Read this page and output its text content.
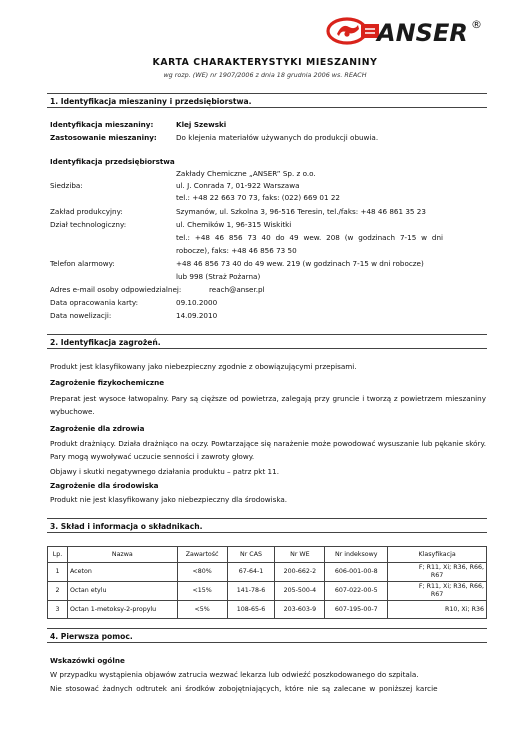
ANSER ®
KARTA CHARAKTERYSTYKI MIESZANINY
wg rozp. (WE) nr 1907/2006 z dnia 18 grudnia 2006 ws. REACH
1. Identyfikacja mieszaniny i przedsiębiorstwa.
Identyfikacja mieszaniny:	Klej Szewski
Zastosowanie mieszaniny:	Do klejenia materiałów używanych do produkcji obuwia.
Identyfikacja przedsiębiorstwa
Zakłady Chemiczne „ANSER” Sp. z o.o.
Siedziba:	ul. J. Conrada 7, 01-922 Warszawa
tel.: +48 22 663 70 73, faks: (022) 669 01 22
Zakład produkcyjny:	Szymanów, ul. Szkolna 3, 96-516 Teresin, tel./faks: +48 46 861 35 23
Dział technologiczny:	ul. Chemików 1, 96-315 Wiskitki
tel.: +48 46 856 73 40 do 49 wew. 208 (w godzinach 7-15 w dni
robocze), faks: +48 46 856 73 50
Telefon alarmowy:	+48 46 856 73 40 do 49 wew. 219 (w godzinach 7-15 w dni robocze)
lub 998 (Straż Pożarna)
Adres e-mail osoby odpowiedzialnej:	reach@anser.pl
Data opracowania karty:	09.10.2000
Data nowelizacji:	14.09.2010
2. Identyfikacja zagrożeń.
Produkt jest klasyfikowany jako niebezpieczny zgodnie z obowiązującymi przepisami.
Zagrożenie fizykochemiczne
Preparat jest wysoce łatwopalny. Pary są cięższe od powietrza, zalegają przy gruncie i tworzą z powietrzem mieszaniny wybuchowe.
Zagrożenie dla zdrowia
Produkt drażniący. Działa drażniąco na oczy. Powtarzające się narażenie może powodować wysuszanie lub pękanie skóry. Pary mogą wywoływać uczucie senności i zawroty głowy.
Objawy i skutki negatywnego działania produktu – patrz pkt 11.
Zagrożenie dla środowiska
Produkt nie jest klasyfikowany jako niebezpieczny dla środowiska.
3. Skład i informacja o składnikach.
Lp.	Nazwa	Zawartość	Nr CAS	Nr WE	Nr indeksowy	Klasyfikacja
1	Aceton	<80%	67-64-1	200-662-2	606-001-00-8	F; R11, Xi; R36, R66,
R67

2	Octan etylu	<15%	141-78-6	205-500-4	607-022-00-5	F; R11, Xi; R36, R66,
R67

3	Octan 1-metoksy-2-propylu	<5%	108-65-6	203-603-9	607-195-00-7	R10, Xi; R36
4. Pierwsza pomoc.
Wskazówki ogólne
W przypadku wystąpienia objawów zatrucia wezwać lekarza lub odwieźć poszkodowanego do szpitala.
Nie stosować żadnych odtrutek ani środków zobojętniających, które nie są zalecane w poniższej karcie
